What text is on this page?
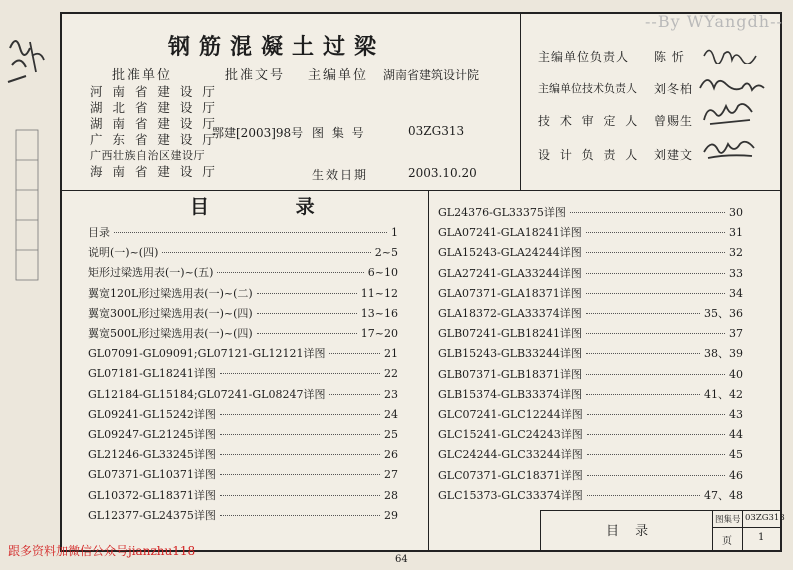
钢筋混凝土过梁
批准单位	批准文号 主编单位 湖南省建筑设计院
河 南 省 建 设 厅
湖 北 省 建 设 厅
湖 南 省 建 设 厅
广 东 省 建 设 厅
广西壮族自治区建设厅
海 南 省 建 设 厅
鄂建[2003]98号 图 集 号	03ZG313
生效日期	2003.10.20
--By WYangdh--
主编单位负责人 陈 忻
主编单位技术负责人 刘冬柏
技 术 审 定 人 曾赐生
设 计 负 责 人 刘建文
目 录
目录	1
说明(一)~(四)	2~5
矩形过梁选用表(一)~(五)	6~10
翼宽120L形过梁选用表(一)~(二)	11~12
翼宽300L形过梁选用表(一)~(四)	13~16
翼宽500L形过梁选用表(一)~(四)	17~20
GL07091-GL09091;GL07121-GL12121详图	21
GL07181-GL18241详图	22
GL12184-GL15184;GL07241-GL08247详图	23
GL09241-GL15242详图	24
GL09247-GL21245详图	25
GL21246-GL33245详图	26
GL07371-GL10371详图	27
GL10372-GL18371详图	28
GL12377-GL24375详图	29
GL24376-GL33375详图	30
GLA07241-GLA18241详图	31
GLA15243-GLA24244详图	32
GLA27241-GLA33244详图	33
GLA07371-GLA18371详图	34
GLA18372-GLA33374详图	35、36
GLB07241-GLB18241详图	37
GLB15243-GLB33244详图	38、39
GLB07371-GLB18371详图	40
GLB15374-GLB33374详图	41、42
GLC07241-GLC12244详图	43
GLC15241-GLC24243详图	44
GLC24244-GLC33244详图	45
GLC07371-GLC18371详图	46
GLC15373-GLC33374详图	47、48
目 录
图集号 03ZG313
页	1
跟多资料加微信公众号jianzhu118
64
